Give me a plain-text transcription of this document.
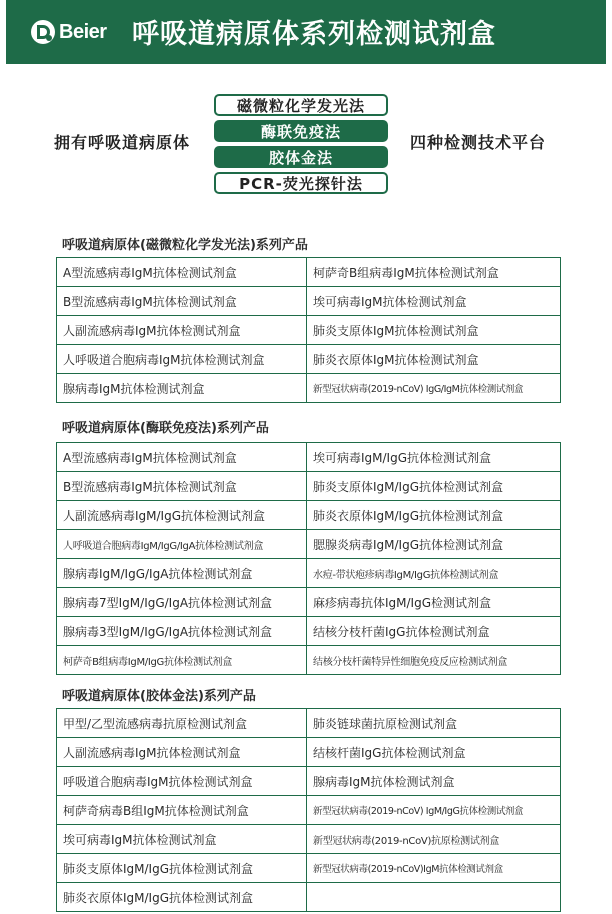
Beier 呼吸道病原体系列检测试剂盒
拥有呼吸道病原体	四种检测技术平台
磁微粒化学发光法
酶联免疫法
胶体金法
PCR-荧光探针法
呼吸道病原体(磁微粒化学发光法)系列产品
A型流感病毒IgM抗体检测试剂盒	柯萨奇B组病毒IgM抗体检测试剂盒
B型流感病毒IgM抗体检测试剂盒	埃可病毒IgM抗体检测试剂盒
人副流感病毒IgM抗体检测试剂盒	肺炎支原体IgM抗体检测试剂盒
人呼吸道合胞病毒IgM抗体检测试剂盒	肺炎衣原体IgM抗体检测试剂盒
腺病毒IgM抗体检测试剂盒	新型冠状病毒(2019-nCoV) IgG/IgM抗体检测试剂盒
呼吸道病原体(酶联免疫法)系列产品
A型流感病毒IgM抗体检测试剂盒	埃可病毒IgM/IgG抗体检测试剂盒
B型流感病毒IgM抗体检测试剂盒	肺炎支原体IgM/IgG抗体检测试剂盒
人副流感病毒IgM/IgG抗体检测试剂盒	肺炎衣原体IgM/IgG抗体检测试剂盒
人呼吸道合胞病毒IgM/IgG/IgA抗体检测试剂盒	腮腺炎病毒IgM/IgG抗体检测试剂盒
腺病毒IgM/IgG/IgA抗体检测试剂盒	水痘-带状疱疹病毒IgM/IgG抗体检测试剂盒
腺病毒7型IgM/IgG/IgA抗体检测试剂盒	麻疹病毒抗体IgM/IgG检测试剂盒
腺病毒3型IgM/IgG/IgA抗体检测试剂盒	结核分枝杆菌IgG抗体检测试剂盒
柯萨奇B组病毒IgM/IgG抗体检测试剂盒	结核分枝杆菌特异性细胞免疫反应检测试剂盒
呼吸道病原体(胶体金法)系列产品
甲型/乙型流感病毒抗原检测试剂盒	肺炎链球菌抗原检测试剂盒
人副流感病毒IgM抗体检测试剂盒	结核杆菌IgG抗体检测试剂盒
呼吸道合胞病毒IgM抗体检测试剂盒	腺病毒IgM抗体检测试剂盒
柯萨奇病毒B组IgM抗体检测试剂盒	新型冠状病毒(2019-nCoV) IgM/IgG抗体检测试剂盒
埃可病毒IgM抗体检测试剂盒	新型冠状病毒(2019-nCoV)抗原检测试剂盒
肺炎支原体IgM/IgG抗体检测试剂盒	新型冠状病毒(2019-nCoV)IgM抗体检测试剂盒
肺炎衣原体IgM/IgG抗体检测试剂盒	
